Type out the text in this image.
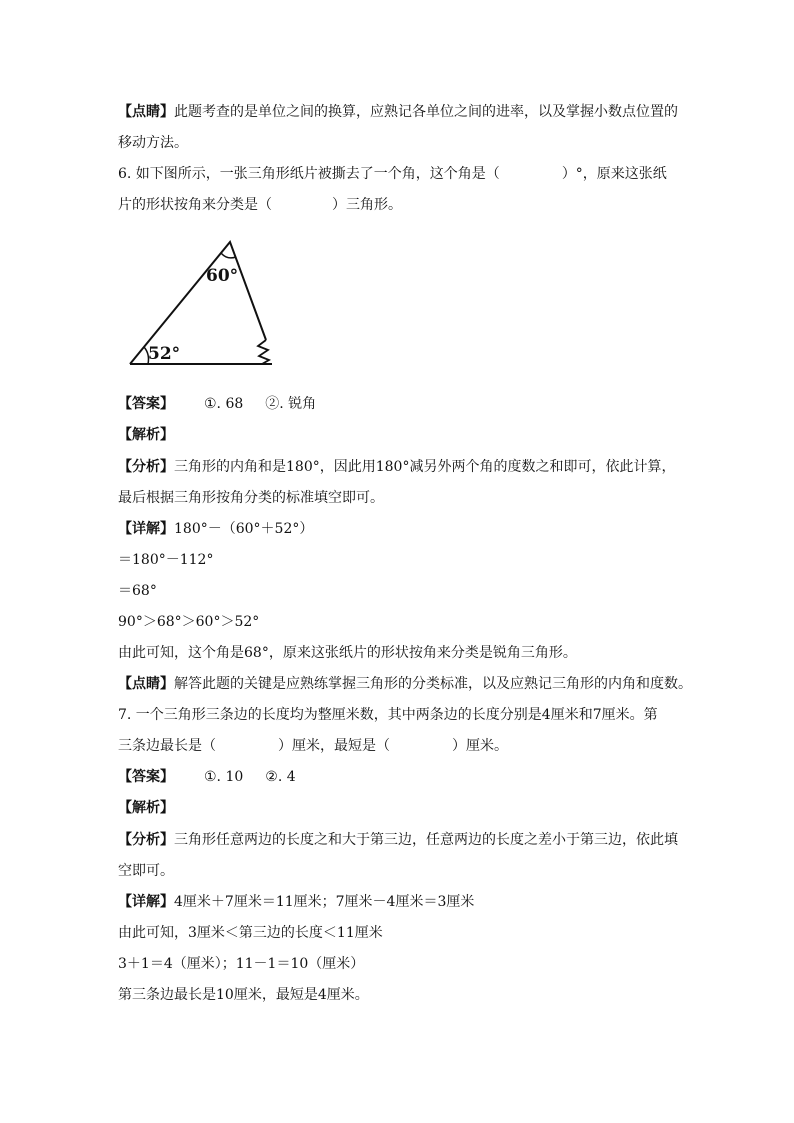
【点睛】此题考查的是单位之间的换算，应熟记各单位之间的进率，以及掌握小数点位置的
移动方法。
6. 如下图所示，一张三角形纸片被撕去了一个角，这个角是（	）°，原来这张纸
片的形状按角来分类是（	）三角形。
60°
52°
【答案】 ①. 68 ②. 锐角
【解析】
【分析】三角形的内角和是180°，因此用180°减另外两个角的度数之和即可，依此计算，
最后根据三角形按角分类的标准填空即可。
【详解】180°－（60°＋52°）
＝180°－112°
＝68°
90°＞68°＞60°＞52°
由此可知，这个角是68°，原来这张纸片的形状按角来分类是锐角三角形。
【点睛】解答此题的关键是应熟练掌握三角形的分类标准，以及应熟记三角形的内角和度数。
7. 一个三角形三条边的长度均为整厘米数，其中两条边的长度分别是4厘米和7厘米。第
三条边最长是（	）厘米，最短是（	）厘米。
【答案】 ①. 10 ②. 4
【解析】
【分析】三角形任意两边的长度之和大于第三边，任意两边的长度之差小于第三边，依此填
空即可。
【详解】4厘米＋7厘米＝11厘米；7厘米－4厘米＝3厘米
由此可知，3厘米＜第三边的长度＜11厘米
3＋1＝4（厘米）；11－1＝10（厘米）
第三条边最长是10厘米，最短是4厘米。
